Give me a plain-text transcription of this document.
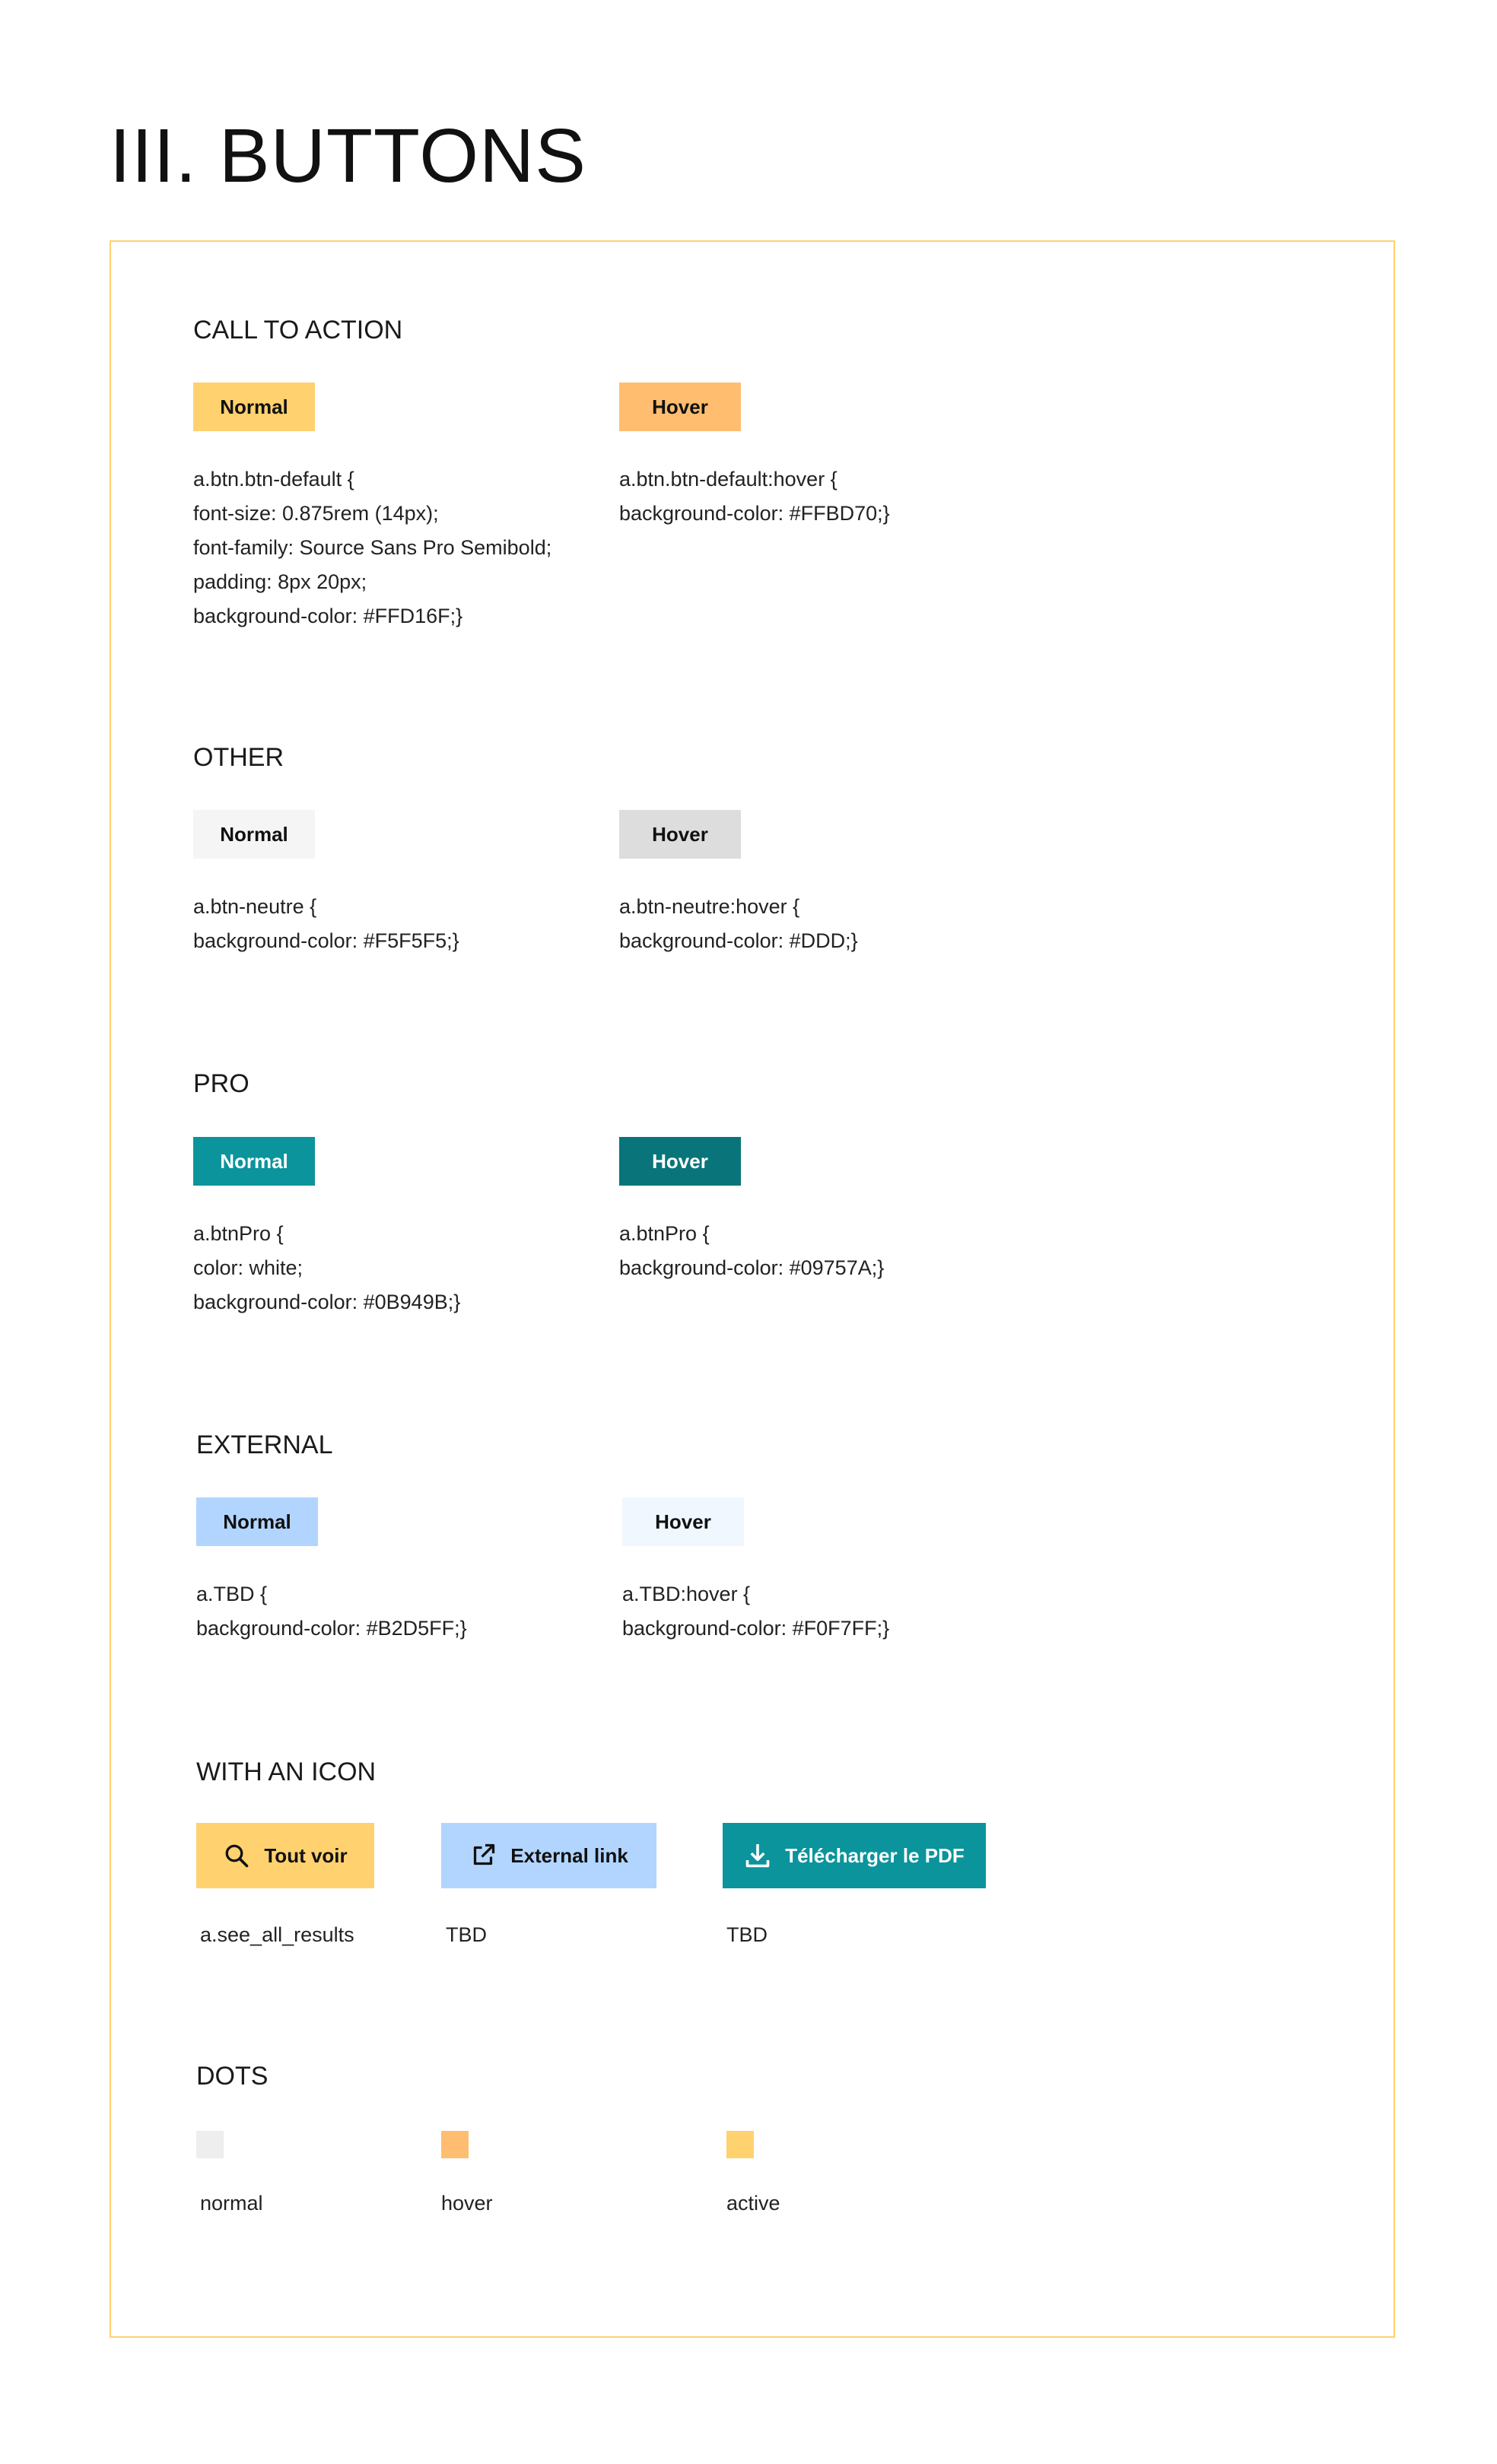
III. BUTTONS
CALL TO ACTION
Normal	Hover
a.btn.btn-default {
font-size: 0.875rem (14px);
font-family: Source Sans Pro Semibold;
padding: 8px 20px;
background-color: #FFD16F;}
a.btn.btn-default:hover {
background-color: #FFBD70;}
OTHER
Normal	Hover
a.btn-neutre {
background-color: #F5F5F5;}
a.btn-neutre:hover {
background-color: #DDD;}
PRO
Normal	Hover
a.btnPro {
color: white;
background-color: #0B949B;}
a.btnPro {
background-color: #09757A;}
EXTERNAL
Normal	Hover
a.TBD {
background-color: #B2D5FF;}
a.TBD:hover {
background-color: #F0F7FF;}
WITH AN ICON
Tout voir	External link	Télécharger le PDF
a.see_all_results	TBD	TBD
DOTS
normal	hover	active
